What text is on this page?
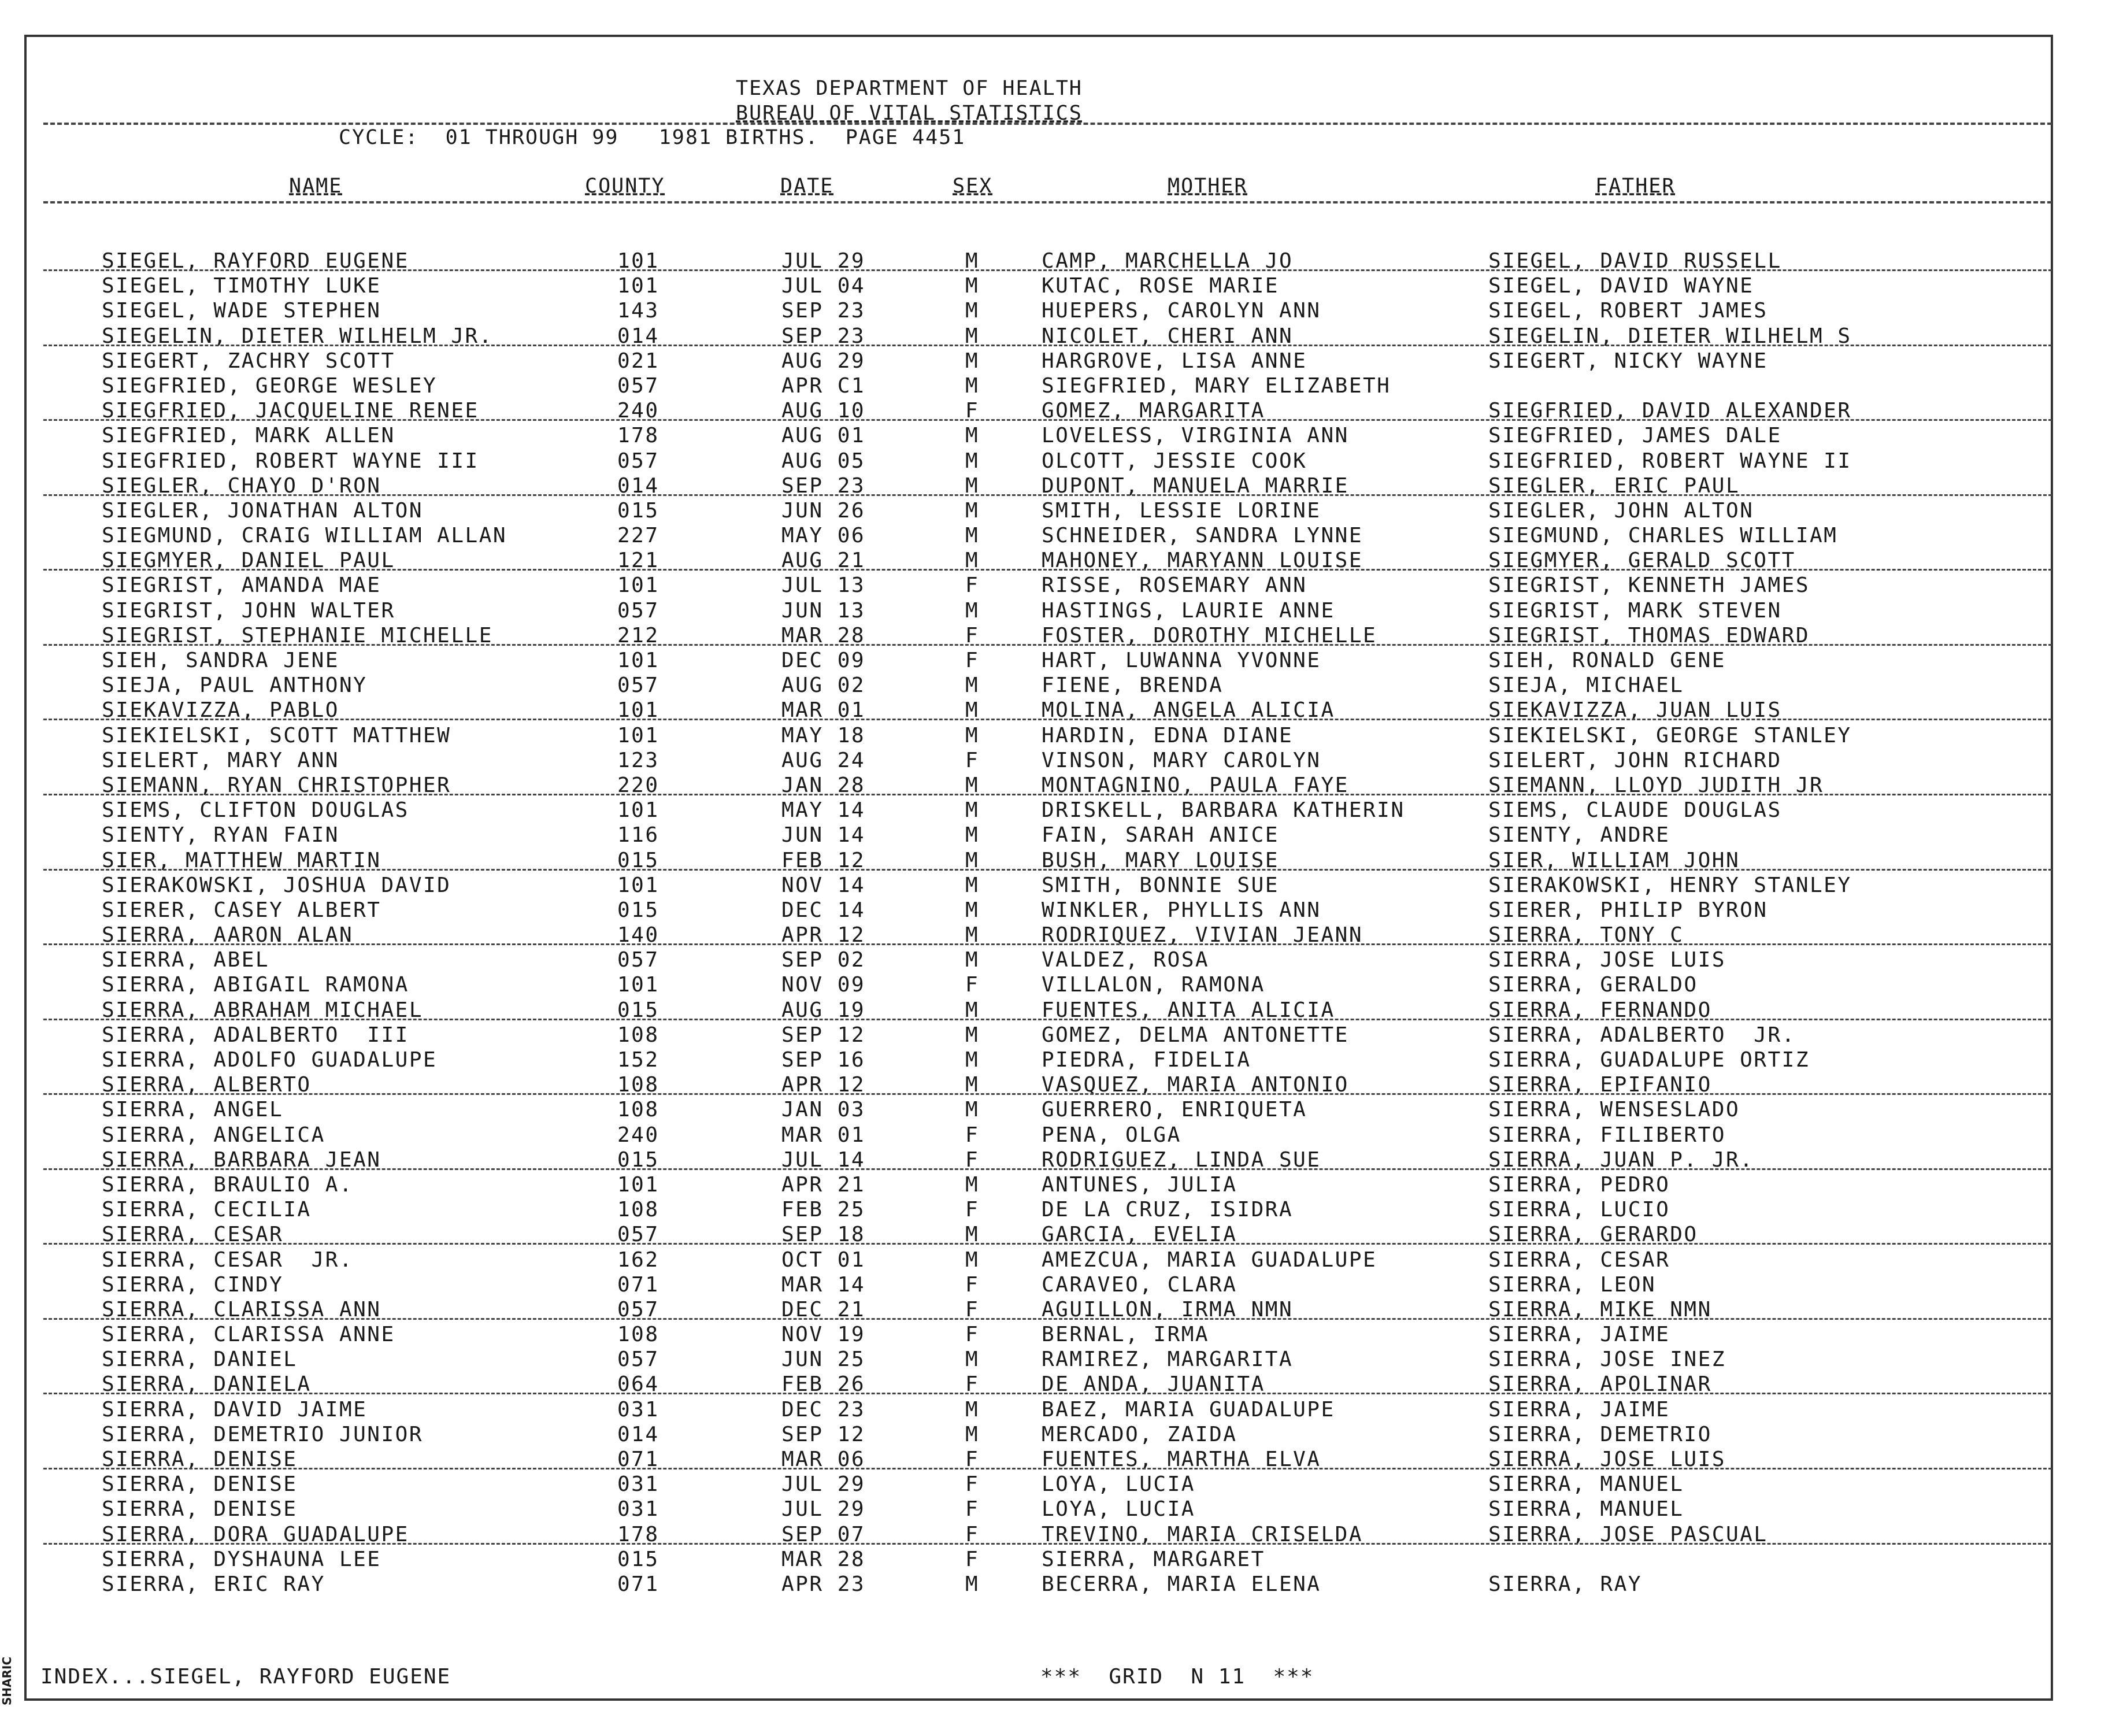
TEXAS DEPARTMENT OF HEALTH
BUREAU OF VITAL STATISTICS
CYCLE:  01 THROUGH 99   1981 BIRTHS.  PAGE 4451
NAME	COUNTY	DATE	SEX	MOTHER	FATHER
SIEGEL, RAYFORD EUGENE	101	JUL 29	M	CAMP, MARCHELLA JO	SIEGEL, DAVID RUSSELL
SIEGEL, TIMOTHY LUKE	101	JUL 04	M	KUTAC, ROSE MARIE	SIEGEL, DAVID WAYNE
SIEGEL, WADE STEPHEN	143	SEP 23	M	HUEPERS, CAROLYN ANN	SIEGEL, ROBERT JAMES
SIEGELIN, DIETER WILHELM JR.	014	SEP 23	M	NICOLET, CHERI ANN	SIEGELIN, DIETER WILHELM S
SIEGERT, ZACHRY SCOTT	021	AUG 29	M	HARGROVE, LISA ANNE	SIEGERT, NICKY WAYNE
SIEGFRIED, GEORGE WESLEY	057	APR C1	M	SIEGFRIED, MARY ELIZABETH
SIEGFRIED, JACQUELINE RENEE	240	AUG 10	F	GOMEZ, MARGARITA	SIEGFRIED, DAVID ALEXANDER
SIEGFRIED, MARK ALLEN	178	AUG 01	M	LOVELESS, VIRGINIA ANN	SIEGFRIED, JAMES DALE
SIEGFRIED, ROBERT WAYNE III	057	AUG 05	M	OLCOTT, JESSIE COOK	SIEGFRIED, ROBERT WAYNE II
SIEGLER, CHAYO D'RON	014	SEP 23	M	DUPONT, MANUELA MARRIE	SIEGLER, ERIC PAUL
SIEGLER, JONATHAN ALTON	015	JUN 26	M	SMITH, LESSIE LORINE	SIEGLER, JOHN ALTON
SIEGMUND, CRAIG WILLIAM ALLAN	227	MAY 06	M	SCHNEIDER, SANDRA LYNNE	SIEGMUND, CHARLES WILLIAM
SIEGMYER, DANIEL PAUL	121	AUG 21	M	MAHONEY, MARYANN LOUISE	SIEGMYER, GERALD SCOTT
SIEGRIST, AMANDA MAE	101	JUL 13	F	RISSE, ROSEMARY ANN	SIEGRIST, KENNETH JAMES
SIEGRIST, JOHN WALTER	057	JUN 13	M	HASTINGS, LAURIE ANNE	SIEGRIST, MARK STEVEN
SIEGRIST, STEPHANIE MICHELLE	212	MAR 28	F	FOSTER, DOROTHY MICHELLE	SIEGRIST, THOMAS EDWARD
SIEH, SANDRA JENE	101	DEC 09	F	HART, LUWANNA YVONNE	SIEH, RONALD GENE
SIEJA, PAUL ANTHONY	057	AUG 02	M	FIENE, BRENDA	SIEJA, MICHAEL
SIEKAVIZZA, PABLO	101	MAR 01	M	MOLINA, ANGELA ALICIA	SIEKAVIZZA, JUAN LUIS
SIEKIELSKI, SCOTT MATTHEW	101	MAY 18	M	HARDIN, EDNA DIANE	SIEKIELSKI, GEORGE STANLEY
SIELERT, MARY ANN	123	AUG 24	F	VINSON, MARY CAROLYN	SIELERT, JOHN RICHARD
SIEMANN, RYAN CHRISTOPHER	220	JAN 28	M	MONTAGNINO, PAULA FAYE	SIEMANN, LLOYD JUDITH JR
SIEMS, CLIFTON DOUGLAS	101	MAY 14	M	DRISKELL, BARBARA KATHERIN	SIEMS, CLAUDE DOUGLAS
SIENTY, RYAN FAIN	116	JUN 14	M	FAIN, SARAH ANICE	SIENTY, ANDRE
SIER, MATTHEW MARTIN	015	FEB 12	M	BUSH, MARY LOUISE	SIER, WILLIAM JOHN
SIERAKOWSKI, JOSHUA DAVID	101	NOV 14	M	SMITH, BONNIE SUE	SIERAKOWSKI, HENRY STANLEY
SIERER, CASEY ALBERT	015	DEC 14	M	WINKLER, PHYLLIS ANN	SIERER, PHILIP BYRON
SIERRA, AARON ALAN	140	APR 12	M	RODRIQUEZ, VIVIAN JEANN	SIERRA, TONY C
SIERRA, ABEL	057	SEP 02	M	VALDEZ, ROSA	SIERRA, JOSE LUIS
SIERRA, ABIGAIL RAMONA	101	NOV 09	F	VILLALON, RAMONA	SIERRA, GERALDO
SIERRA, ABRAHAM MICHAEL	015	AUG 19	M	FUENTES, ANITA ALICIA	SIERRA, FERNANDO
SIERRA, ADALBERTO  III	108	SEP 12	M	GOMEZ, DELMA ANTONETTE	SIERRA, ADALBERTO  JR.
SIERRA, ADOLFO GUADALUPE	152	SEP 16	M	PIEDRA, FIDELIA	SIERRA, GUADALUPE ORTIZ
SIERRA, ALBERTO	108	APR 12	M	VASQUEZ, MARIA ANTONIO	SIERRA, EPIFANIO
SIERRA, ANGEL	108	JAN 03	M	GUERRERO, ENRIQUETA	SIERRA, WENSESLADO
SIERRA, ANGELICA	240	MAR 01	F	PENA, OLGA	SIERRA, FILIBERTO
SIERRA, BARBARA JEAN	015	JUL 14	F	RODRIGUEZ, LINDA SUE	SIERRA, JUAN P. JR.
SIERRA, BRAULIO A.	101	APR 21	M	ANTUNES, JULIA	SIERRA, PEDRO
SIERRA, CECILIA	108	FEB 25	F	DE LA CRUZ, ISIDRA	SIERRA, LUCIO
SIERRA, CESAR	057	SEP 18	M	GARCIA, EVELIA	SIERRA, GERARDO
SIERRA, CESAR  JR.	162	OCT 01	M	AMEZCUA, MARIA GUADALUPE	SIERRA, CESAR
SIERRA, CINDY	071	MAR 14	F	CARAVEO, CLARA	SIERRA, LEON
SIERRA, CLARISSA ANN	057	DEC 21	F	AGUILLON, IRMA NMN	SIERRA, MIKE NMN
SIERRA, CLARISSA ANNE	108	NOV 19	F	BERNAL, IRMA	SIERRA, JAIME
SIERRA, DANIEL	057	JUN 25	M	RAMIREZ, MARGARITA	SIERRA, JOSE INEZ
SIERRA, DANIELA	064	FEB 26	F	DE ANDA, JUANITA	SIERRA, APOLINAR
SIERRA, DAVID JAIME	031	DEC 23	M	BAEZ, MARIA GUADALUPE	SIERRA, JAIME
SIERRA, DEMETRIO JUNIOR	014	SEP 12	M	MERCADO, ZAIDA	SIERRA, DEMETRIO
SIERRA, DENISE	071	MAR 06	F	FUENTES, MARTHA ELVA	SIERRA, JOSE LUIS
SIERRA, DENISE	031	JUL 29	F	LOYA, LUCIA	SIERRA, MANUEL
SIERRA, DENISE	031	JUL 29	F	LOYA, LUCIA	SIERRA, MANUEL
SIERRA, DORA GUADALUPE	178	SEP 07	F	TREVINO, MARIA CRISELDA	SIERRA, JOSE PASCUAL
SIERRA, DYSHAUNA LEE	015	MAR 28	F	SIERRA, MARGARET
SIERRA, ERIC RAY	071	APR 23	M	BECERRA, MARIA ELENA	SIERRA, RAY
INDEX...SIEGEL, RAYFORD EUGENE	***  GRID  N 11  ***
SHARIC
